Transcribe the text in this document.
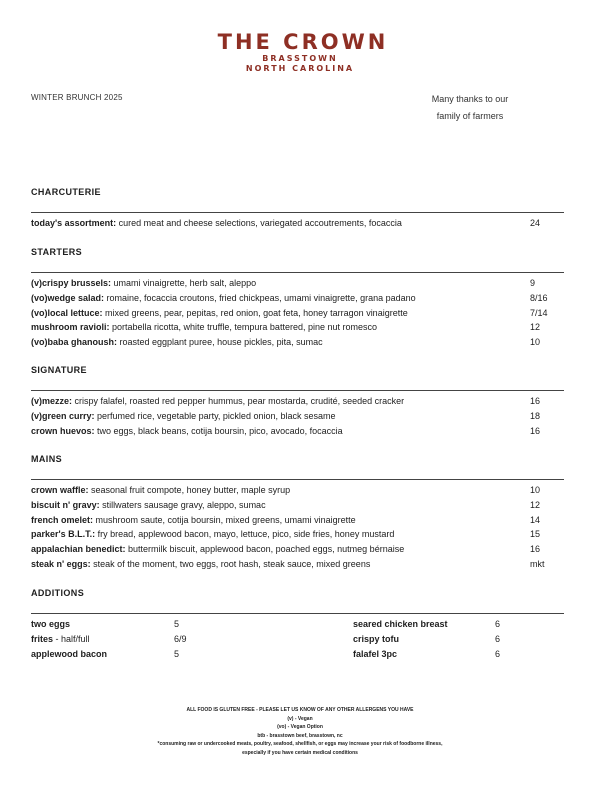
THE CROWN
BRASSTOWN
NORTH CAROLINA
WINTER BRUNCH 2025	Many thanks to our
family of farmers
CHARCUTERIE
today's assortment: cured meat and cheese selections, variegated accoutrements, focaccia	24
STARTERS
(v)crispy brussels: umami vinaigrette, herb salt, aleppo	9
(vo)wedge salad: romaine, focaccia croutons, fried chickpeas, umami vinaigrette, grana padano	8/16
(vo)local lettuce: mixed greens, pear, pepitas, red onion, goat feta, honey tarragon vinaigrette	7/14
mushroom ravioli: portabella ricotta, white truffle, tempura battered, pine nut romesco	12
(vo)baba ghanoush: roasted eggplant puree, house pickles, pita, sumac	10
SIGNATURE
(v)mezze: crispy falafel, roasted red pepper hummus, pear mostarda, crudité, seeded cracker	16
(v)green curry: perfumed rice, vegetable party, pickled onion, black sesame	18
crown huevos: two eggs, black beans, cotija boursin, pico, avocado, focaccia	16
MAINS
crown waffle: seasonal fruit compote, honey butter, maple syrup	10
biscuit n' gravy: stillwaters sausage gravy, aleppo, sumac	12
french omelet: mushroom saute, cotija boursin, mixed greens, umami vinaigrette	14
parker's B.L.T.: fry bread, applewood bacon, mayo, lettuce, pico, side fries, honey mustard	15
appalachian benedict: buttermilk biscuit, applewood bacon, poached eggs, nutmeg bérnaise	16
steak n' eggs: steak of the moment, two eggs, root hash, steak sauce, mixed greens	mkt
ADDITIONS
two eggs	5	seared chicken breast	6
frites - half/full	6/9	crispy tofu	6
applewood bacon	5	falafel 3pc	6
ALL FOOD IS GLUTEN FREE - PLEASE LET US KNOW OF ANY OTHER ALLERGENS YOU HAVE
(v) - Vegan
(vo) - Vegan Option
btb - brasstown beef, brasstown, nc
*consuming raw or undercooked meats, poultry, seafood, shellfish, or eggs may increase your risk of foodborne illness,
especially if you have certain medical conditions
